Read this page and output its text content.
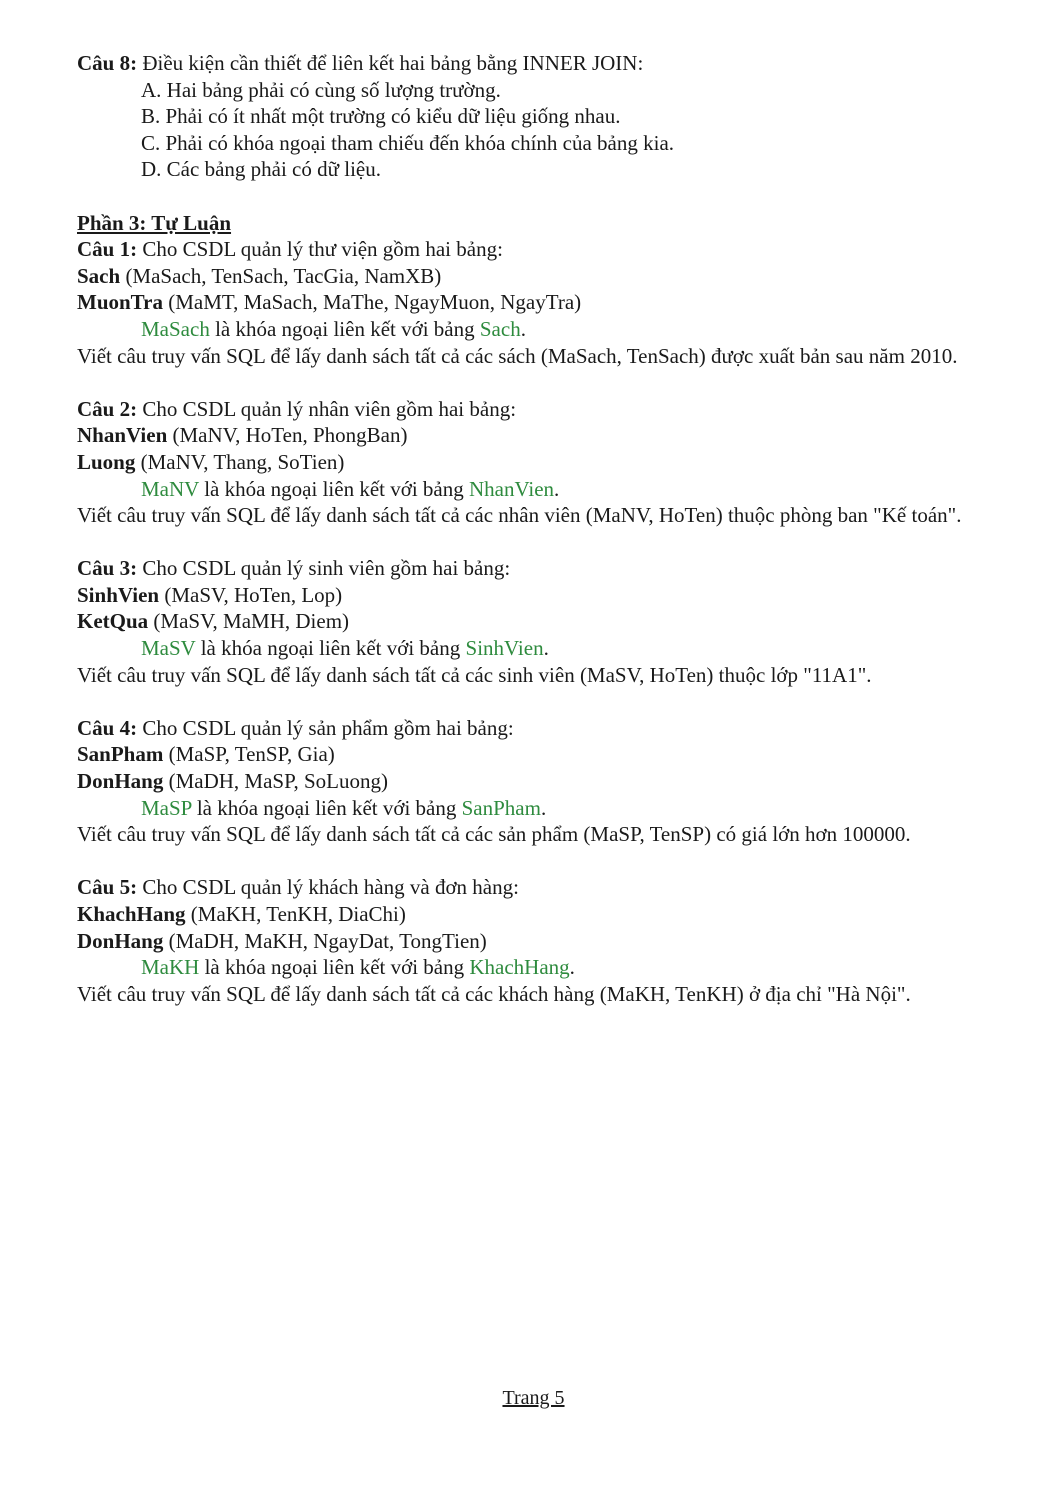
Câu 8: Điều kiện cần thiết để liên kết hai bảng bằng INNER JOIN:
A. Hai bảng phải có cùng số lượng trường.
B. Phải có ít nhất một trường có kiểu dữ liệu giống nhau.
C. Phải có khóa ngoại tham chiếu đến khóa chính của bảng kia.
D. Các bảng phải có dữ liệu.
Phần 3: Tự Luận
Câu 1: Cho CSDL quản lý thư viện gồm hai bảng:
Sach (MaSach, TenSach, TacGia, NamXB)
MuonTra (MaMT, MaSach, MaThe, NgayMuon, NgayTra)
MaSach là khóa ngoại liên kết với bảng Sach.
Viết câu truy vấn SQL để lấy danh sách tất cả các sách (MaSach, TenSach) được xuất bản sau năm 2010.
Câu 2: Cho CSDL quản lý nhân viên gồm hai bảng:
NhanVien (MaNV, HoTen, PhongBan)
Luong (MaNV, Thang, SoTien)
MaNV là khóa ngoại liên kết với bảng NhanVien.
Viết câu truy vấn SQL để lấy danh sách tất cả các nhân viên (MaNV, HoTen) thuộc phòng ban "Kế toán".
Câu 3: Cho CSDL quản lý sinh viên gồm hai bảng:
SinhVien (MaSV, HoTen, Lop)
KetQua (MaSV, MaMH, Diem)
MaSV là khóa ngoại liên kết với bảng SinhVien.
Viết câu truy vấn SQL để lấy danh sách tất cả các sinh viên (MaSV, HoTen) thuộc lớp "11A1".
Câu 4: Cho CSDL quản lý sản phẩm gồm hai bảng:
SanPham (MaSP, TenSP, Gia)
DonHang (MaDH, MaSP, SoLuong)
MaSP là khóa ngoại liên kết với bảng SanPham.
Viết câu truy vấn SQL để lấy danh sách tất cả các sản phẩm (MaSP, TenSP) có giá lớn hơn 100000.
Câu 5: Cho CSDL quản lý khách hàng và đơn hàng:
KhachHang (MaKH, TenKH, DiaChi)
DonHang (MaDH, MaKH, NgayDat, TongTien)
MaKH là khóa ngoại liên kết với bảng KhachHang.
Viết câu truy vấn SQL để lấy danh sách tất cả các khách hàng (MaKH, TenKH) ở địa chỉ "Hà Nội".
Trang 5
